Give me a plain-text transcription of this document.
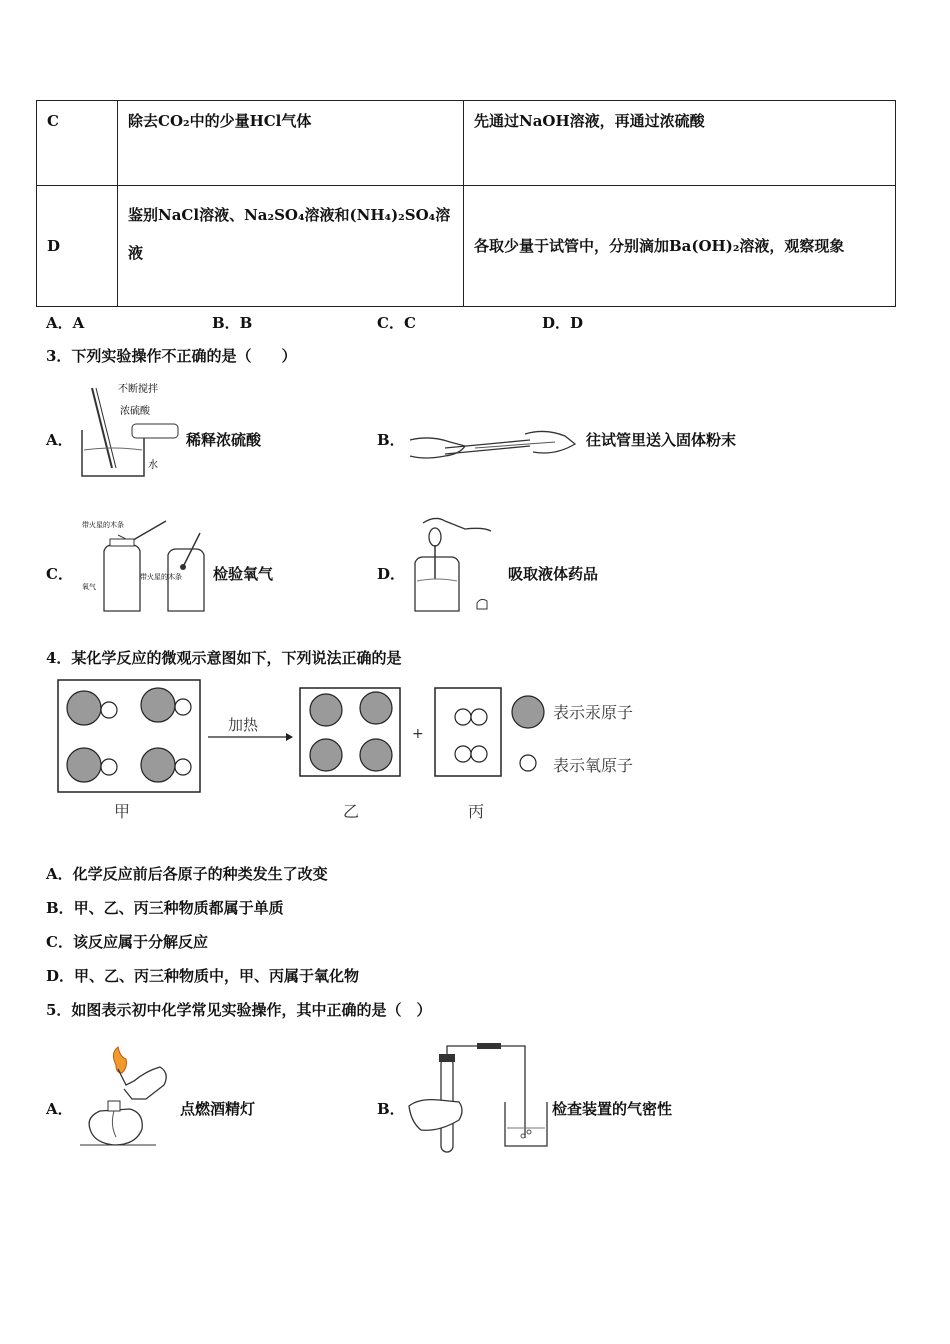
C	除去CO₂中的少量HCl气体	先通过NaOH溶液，再通过浓硫酸
D	鉴别NaCl溶液、Na₂SO₄溶液和(NH₄)₂SO₄溶液	各取少量于试管中，分别滴加Ba(OH)₂溶液，观察现象
A．A	B．B	C．C	D．D
3．下列实验操作不正确的是（　　）
A．
不断搅拌
浓硫酸
水
稀释浓硫酸	B．	往试管里送入固体粉末
C．
带火星的木条
氧气
带火星的木条 检验氧气	D．	吸取液体药品
4．某化学反应的微观示意图如下，下列说法正确的是
加热	+
表示汞原子
表示氧原子
甲	乙	丙
A．化学反应前后各原子的种类发生了改变
B．甲、乙、丙三种物质都属于单质
C．该反应属于分解反应
D．甲、乙、丙三种物质中，甲、丙属于氧化物
5．如图表示初中化学常见实验操作，其中正确的是（　）
A．	点燃酒精灯	B．	检查装置的气密性
